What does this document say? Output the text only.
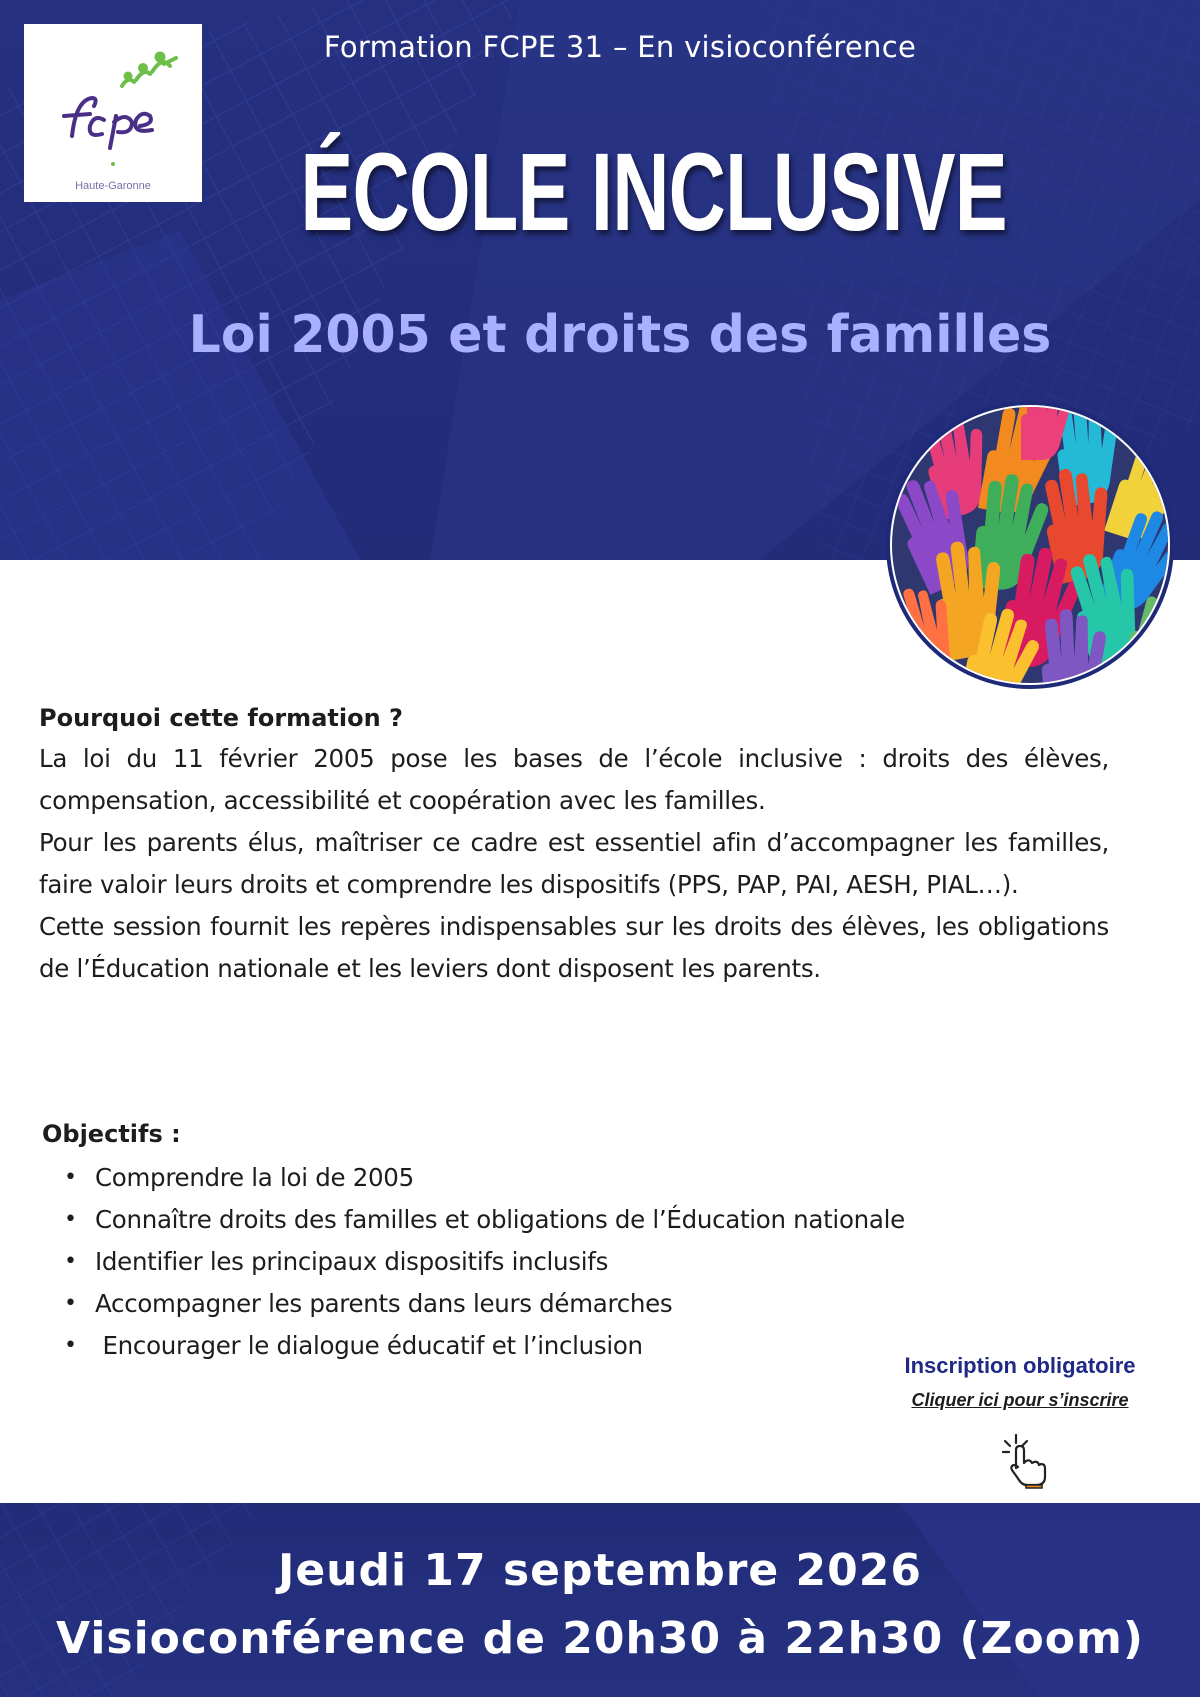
Haute-Garonne
Formation FCPE 31 – En visioconférence
ÉCOLE INCLUSIVE
Loi 2005 et droits des familles

Pourquoi cette formation ?

La loi du 11 février 2005 pose les bases de l’école inclusive : droits des élèves, compensation, accessibilité et coopération avec les familles.

Pour les parents élus, maîtriser ce cadre est essentiel afin d’accompagner les familles, faire valoir leurs droits et comprendre les dispositifs (PPS, PAP, PAI, AESH, PIAL…).

Cette session fournit les repères indispensables sur les droits des élèves, les obligations de l’Éducation nationale et les leviers dont disposent les parents.

Objectifs :

• Comprendre la loi de 2005
• Connaître droits des familles et obligations de l’Éducation nationale
• Identifier les principaux dispositifs inclusifs
• Accompagner les parents dans leurs démarches
• Encourager le dialogue éducatif et l’inclusion
Inscription obligatoire
Cliquer ici pour s’inscrire
Jeudi 17 septembre 2026
Visioconférence de 20h30 à 22h30 (Zoom)
